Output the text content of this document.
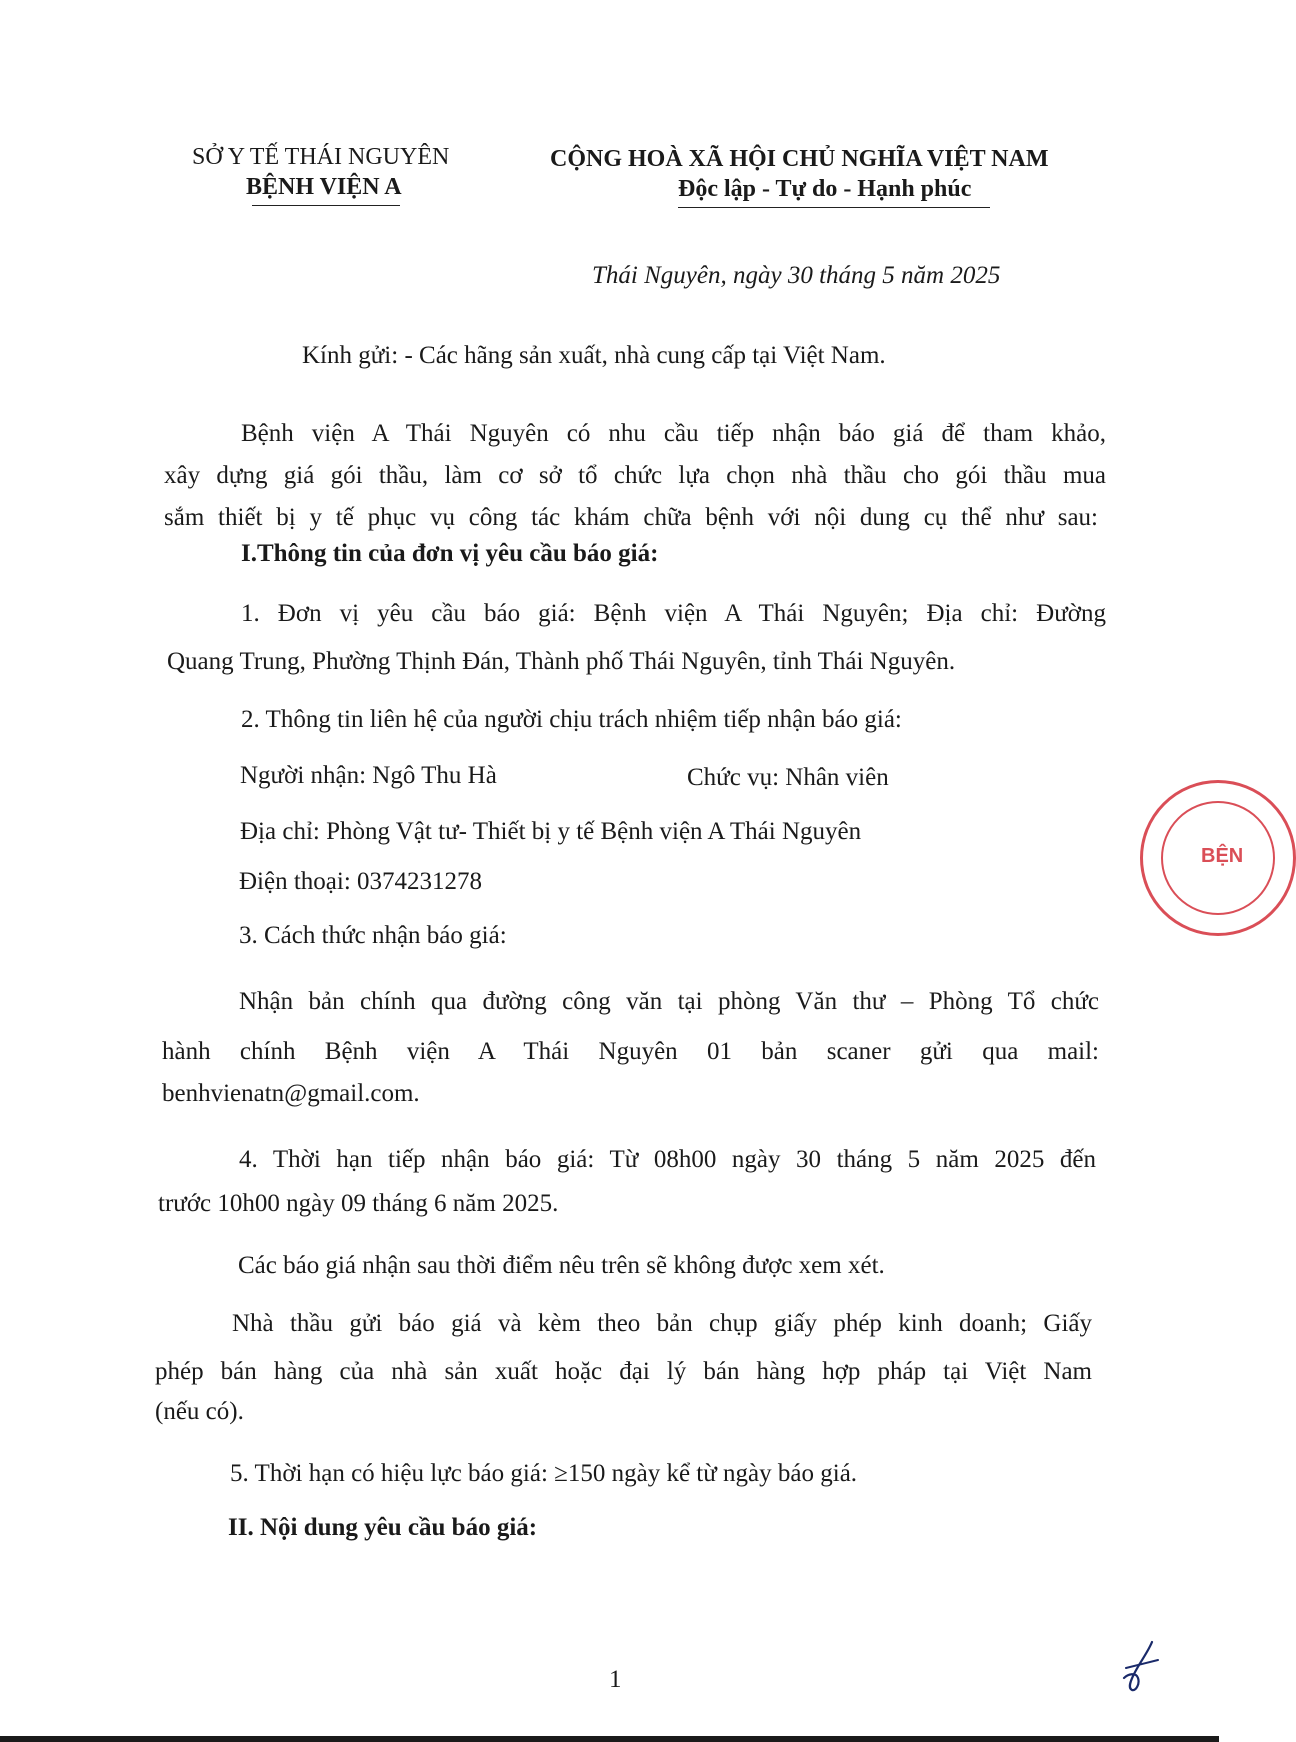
SỞ Y TẾ THÁI NGUYÊN
BỆNH VIỆN A
CỘNG HOÀ XÃ HỘI CHỦ NGHĨA VIỆT NAM
Độc lập - Tự do - Hạnh phúc
Thái Nguyên, ngày 30 tháng 5 năm 2025
Kính gửi: - Các hãng sản xuất, nhà cung cấp tại Việt Nam.
Bệnh viện A Thái Nguyên có nhu cầu tiếp nhận báo giá để tham khảo,
xây dựng giá gói thầu, làm cơ sở tổ chức lựa chọn nhà thầu cho gói thầu mua
sắm thiết bị y tế phục vụ công tác khám chữa bệnh với nội dung cụ thể như sau:
I.Thông tin của đơn vị yêu cầu báo giá:
1. Đơn vị yêu cầu báo giá: Bệnh viện A Thái Nguyên; Địa chỉ: Đường
Quang Trung, Phường Thịnh Đán, Thành phố Thái Nguyên, tỉnh Thái Nguyên.
2. Thông tin liên hệ của người chịu trách nhiệm tiếp nhận báo giá:
Người nhận: Ngô Thu Hà	Chức vụ: Nhân viên
Địa chỉ: Phòng Vật tư- Thiết bị y tế Bệnh viện A Thái Nguyên
Điện thoại: 0374231278
3. Cách thức nhận báo giá:
Nhận bản chính qua đường công văn tại phòng Văn thư – Phòng Tổ chức
hành chính Bệnh viện A Thái Nguyên 01 bản scaner gửi qua mail:
benhvienatn@gmail.com.
4. Thời hạn tiếp nhận báo giá: Từ 08h00 ngày 30 tháng 5 năm 2025 đến
trước 10h00 ngày 09 tháng 6 năm 2025.
Các báo giá nhận sau thời điểm nêu trên sẽ không được xem xét.
Nhà thầu gửi báo giá và kèm theo bản chụp giấy phép kinh doanh; Giấy
phép bán hàng của nhà sản xuất hoặc đại lý bán hàng hợp pháp tại Việt Nam
(nếu có).
5. Thời hạn có hiệu lực báo giá: ≥150 ngày kể từ ngày báo giá.
II. Nội dung yêu cầu báo giá:
1
BỆN
